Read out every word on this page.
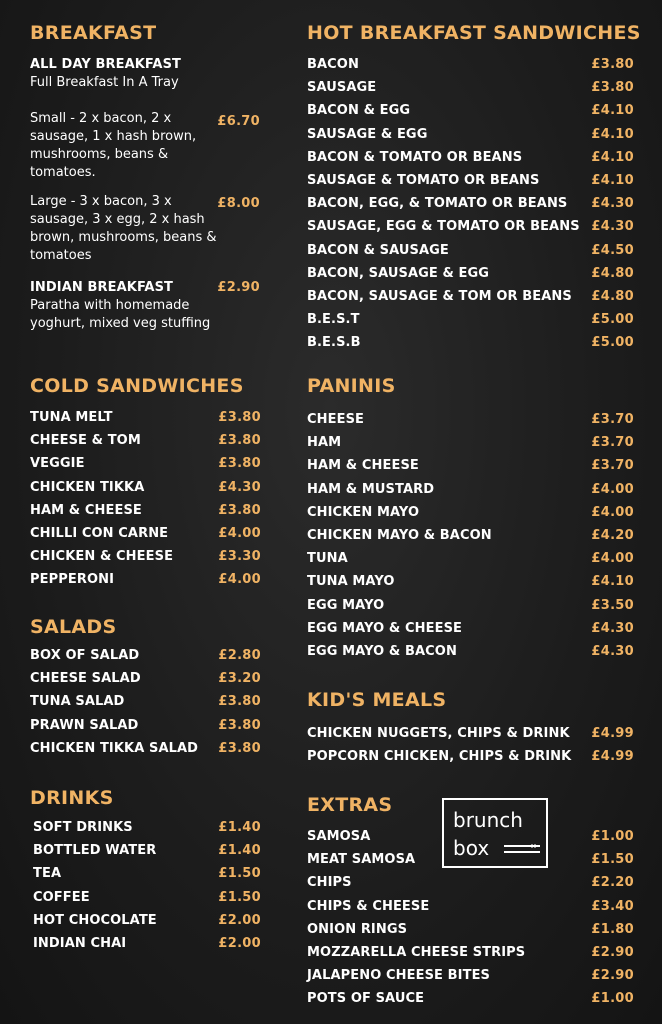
BREAKFAST
ALL DAY BREAKFAST
Full Breakfast In A Tray
Small - 2 x bacon, 2 x sausage, 1 x hash brown, mushrooms, beans & tomatoes.
£6.70
Large - 3 x bacon, 3 x sausage, 3 x egg, 2 x hash brown, mushrooms, beans & tomatoes
£8.00
INDIAN BREAKFAST	£2.90
Paratha with homemade yoghurt, mixed veg stuffing
HOT BREAKFAST SANDWICHES
BACON	£3.80
SAUSAGE	£3.80
BACON & EGG	£4.10
SAUSAGE & EGG	£4.10
BACON & TOMATO OR BEANS	£4.10
SAUSAGE & TOMATO OR BEANS	£4.10
BACON, EGG, & TOMATO OR BEANS £4.30
SAUSAGE, EGG & TOMATO OR BEANS £4.30
BACON & SAUSAGE	£4.50
BACON, SAUSAGE & EGG	£4.80
BACON, SAUSAGE & TOM OR BEANS £4.80
B.E.S.T	£5.00
B.E.S.B	£5.00
COLD SANDWICHES
TUNA MELT	£3.80
CHEESE & TOM	£3.80
VEGGIE	£3.80
CHICKEN TIKKA	£4.30
HAM & CHEESE	£3.80
CHILLI CON CARNE	£4.00
CHICKEN & CHEESE	£3.30
PEPPERONI	£4.00
PANINIS
CHEESE	£3.70
HAM	£3.70
HAM & CHEESE	£3.70
HAM & MUSTARD	£4.00
CHICKEN MAYO	£4.00
CHICKEN MAYO & BACON	£4.20
TUNA	£4.00
TUNA MAYO	£4.10
EGG MAYO	£3.50
EGG MAYO & CHEESE	£4.30
EGG MAYO & BACON	£4.30
SALADS
BOX OF SALAD	£2.80
CHEESE SALAD	£3.20
TUNA SALAD	£3.80
PRAWN SALAD	£3.80
CHICKEN TIKKA SALAD £3.80
KID'S MEALS
CHICKEN NUGGETS, CHIPS & DRINK £4.99
POPCORN CHICKEN, CHIPS & DRINK £4.99
DRINKS
SOFT DRINKS	£1.40
BOTTLED WATER	£1.40
TEA	£1.50
COFFEE	£1.50
HOT CHOCOLATE	£2.00
INDIAN CHAI	£2.00
EXTRAS
SAMOSA	£1.00
MEAT SAMOSA	£1.50
CHIPS	£2.20
CHIPS & CHEESE	£3.40
ONION RINGS	£1.80
MOZZARELLA CHEESE STRIPS	£2.90
JALAPENO CHEESE BITES	£2.90
POTS OF SAUCE	£1.00
brunch
box
